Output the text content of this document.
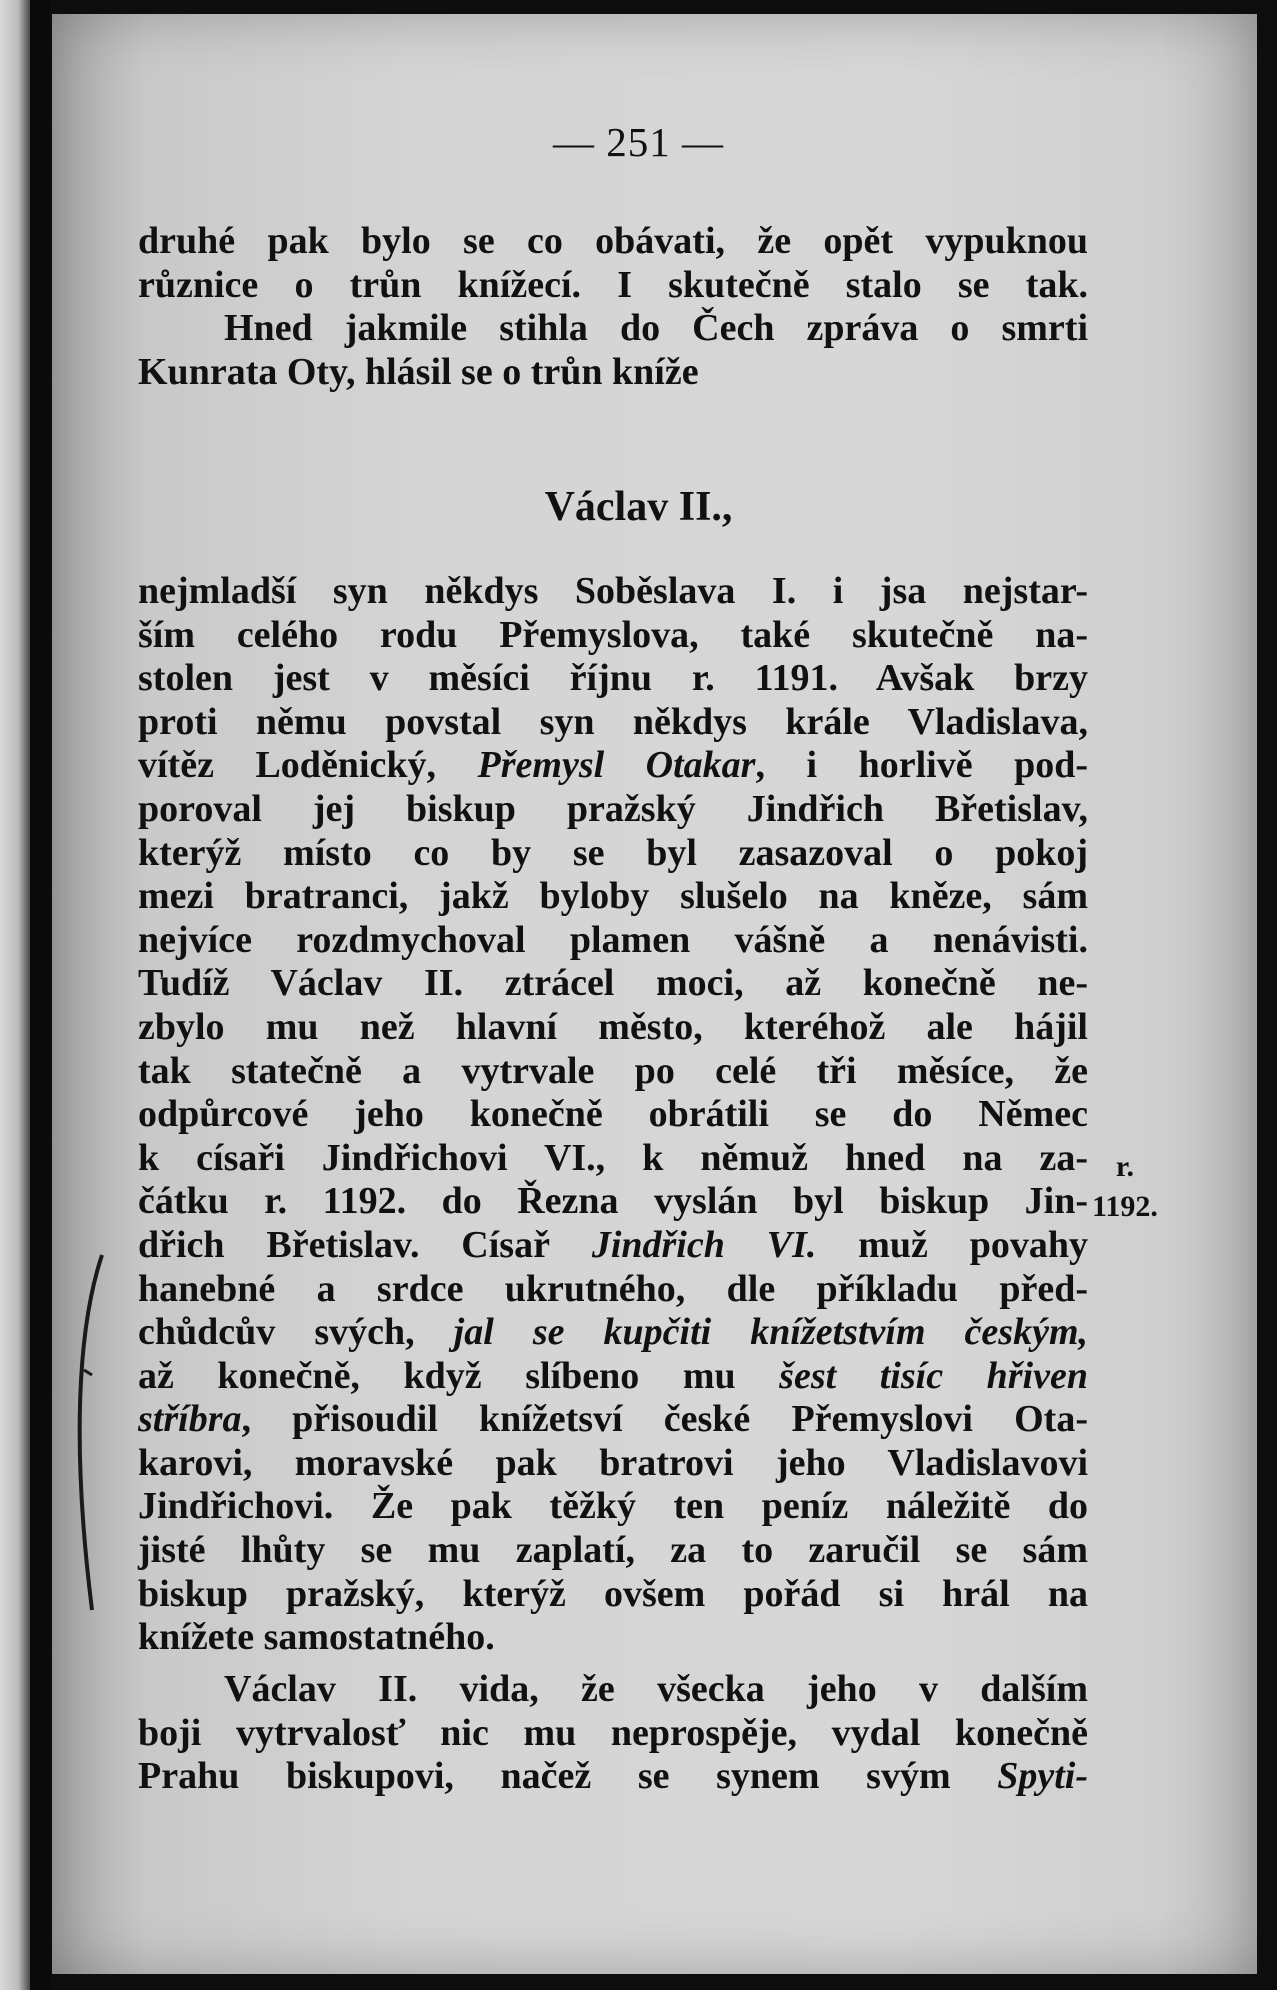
— 251 —
druhé pak bylo se co obávati, že opět vypuknou
různice o trůn knížecí. I skutečně stalo se tak.
Hned jakmile stihla do Čech zpráva o smrti
Kunrata Oty, hlásil se o trůn kníže
Václav II.,
nejmladší syn někdys Soběslava I. i jsa nejstar-
ším celého rodu Přemyslova, také skutečně na-
stolen jest v měsíci říjnu r. 1191. Avšak brzy
proti němu povstal syn někdys krále Vladislava,
vítěz Loděnický, Přemysl Otakar, i horlivě pod-
poroval jej biskup pražský Jindřich Břetislav,
kterýž místo co by se byl zasazoval o pokoj
mezi bratranci, jakž byloby slušelo na kněze, sám
nejvíce rozdmychoval plamen vášně a nenávisti.
Tudíž Václav II. ztrácel moci, až konečně ne-
zbylo mu než hlavní město, kteréhož ale hájil
tak statečně a vytrvale po celé tři měsíce, že
odpůrcové jeho konečně obrátili se do Němec
k císaři Jindřichovi VI., k němuž hned na za-
čátku r. 1192. do Řezna vyslán byl biskup Jin-
dřich Břetislav. Císař Jindřich VI. muž povahy
hanebné a srdce ukrutného, dle příkladu před-
chůdcův svých, jal se kupčiti knížetstvím českým,
až konečně, když slíbeno mu šest tisíc hřiven
stříbra, přisoudil knížetsví české Přemyslovi Ota-
karovi, moravské pak bratrovi jeho Vladislavovi
Jindřichovi. Že pak těžký ten peníz náležitě do
jisté lhůty se mu zaplatí, za to zaručil se sám
biskup pražský, kterýž ovšem pořád si hrál na
knížete samostatného.
Václav II. vida, že všecka jeho v dalším
boji vytrvalosť nic mu neprospěje, vydal konečně
Prahu biskupovi, načež se synem svým Spyti-
r.
1192.
